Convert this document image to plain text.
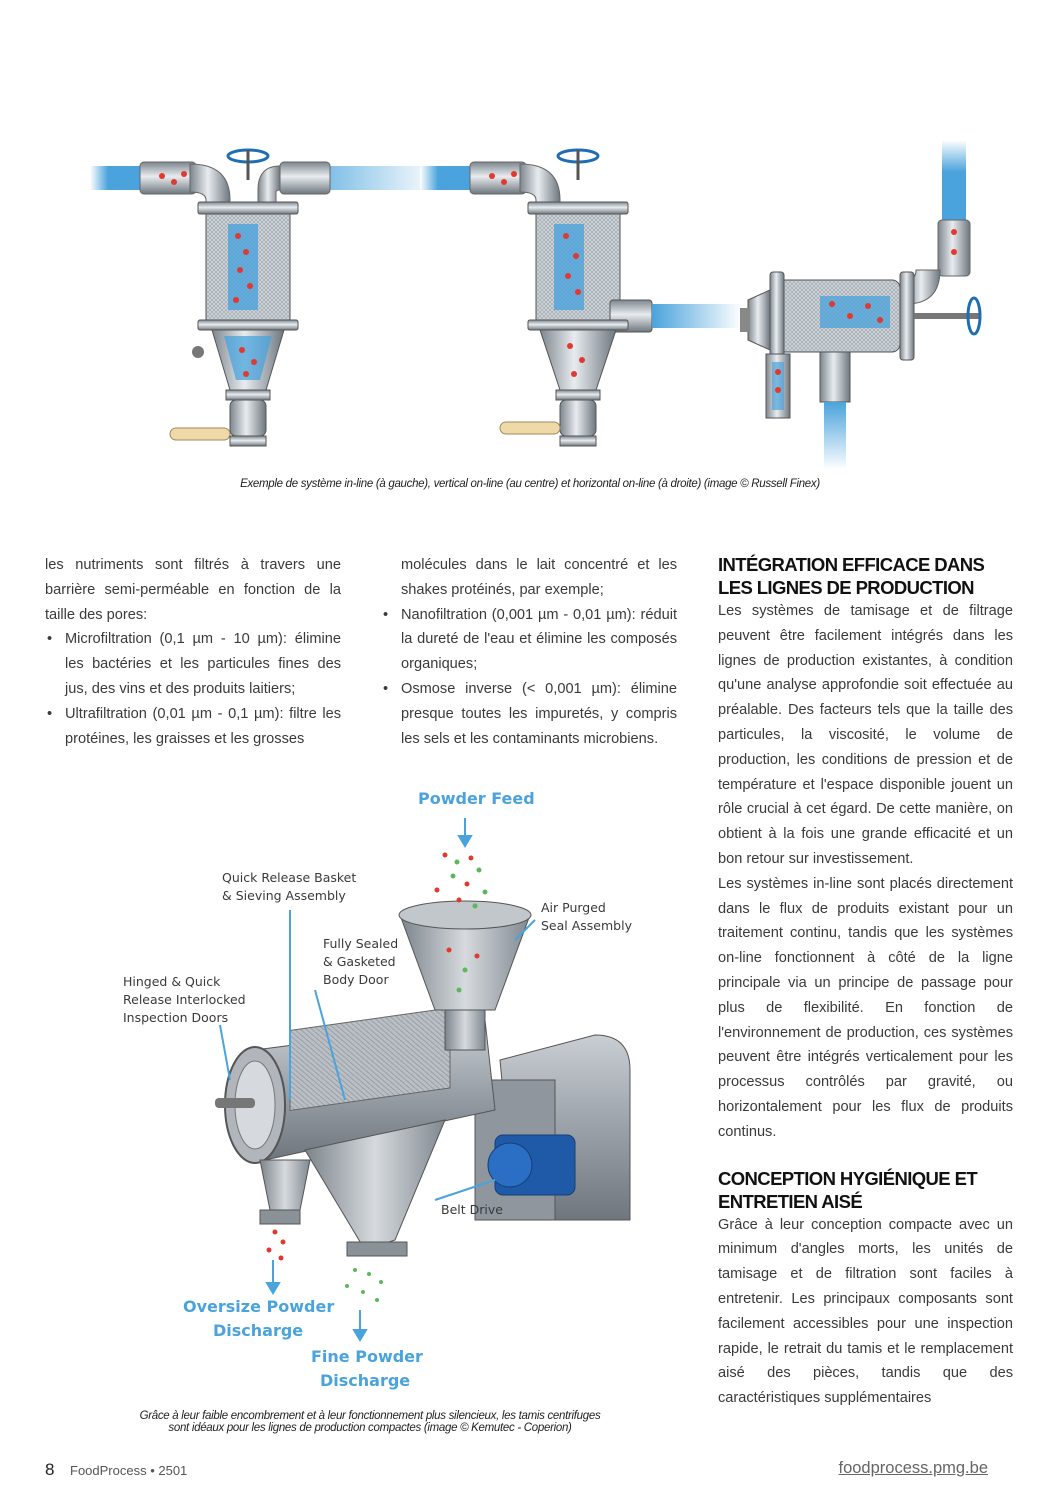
Exemple de système in-line (à gauche), vertical on-line (au centre) et horizontal on-line (à droite) (image © Russell Finex)

les nutriments sont filtrés à travers une barrière semi-perméable en fonction de la taille des pores:

• Microfiltration (0,1 µm - 10 µm): élimine les bactéries et les particules fines des jus, des vins et des produits laitiers;
• Ultrafiltration (0,01 µm - 0,1 µm): filtre les protéines, les graisses et les grosses
molécules dans le lait concentré et les shakes protéinés, par exemple;
• Nanofiltration (0,001 µm - 0,01 µm): réduit la dureté de l'eau et élimine les composés organiques;
• Osmose inverse (< 0,001 µm): élimine presque toutes les impuretés, y compris les sels et les contaminants microbiens.
INTÉGRATION EFFICACE DANS LES LIGNES DE PRODUCTION

Les systèmes de tamisage et de filtrage peuvent être facilement intégrés dans les lignes de production existantes, à condition qu'une analyse approfondie soit effectuée au préalable. Des facteurs tels que la taille des particules, la viscosité, le volume de production, les conditions de pression et de température et l'espace disponible jouent un rôle crucial à cet égard. De cette manière, on obtient à la fois une grande efficacité et un bon retour sur investissement.

Les systèmes in-line sont placés directement dans le flux de produits existant pour un traitement continu, tandis que les systèmes on-line fonctionnent à côté de la ligne principale via un principe de passage pour plus de flexibilité. En fonction de l'environnement de production, ces systèmes peuvent être intégrés verticalement pour les processus contrôlés par gravité, ou horizontalement pour les flux de produits continus.

CONCEPTION HYGIÉNIQUE ET ENTRETIEN AISÉ

Grâce à leur conception compacte avec un minimum d'angles morts, les unités de tamisage et de filtration sont faciles à entretenir. Les principaux composants sont facilement accessibles pour une inspection rapide, le retrait du tamis et le remplacement aisé des pièces, tandis que des caractéristiques supplémentaires

Powder Feed
Quick Release Basket
& Sieving Assembly
Fully Sealed
& Gasketed
Body Door
Air Purged
Seal Assembly
Hinged & Quick
Release Interlocked
Inspection Doors
Belt Drive
Oversize Powder
Discharge
Fine Powder
Discharge
Grâce à leur faible encombrement et à leur fonctionnement plus silencieux, les tamis centrifuges
sont idéaux pour les lignes de production compactes (image © Kemutec - Coperion)
8 FoodProcess • 2501	foodprocess.pmg.be
